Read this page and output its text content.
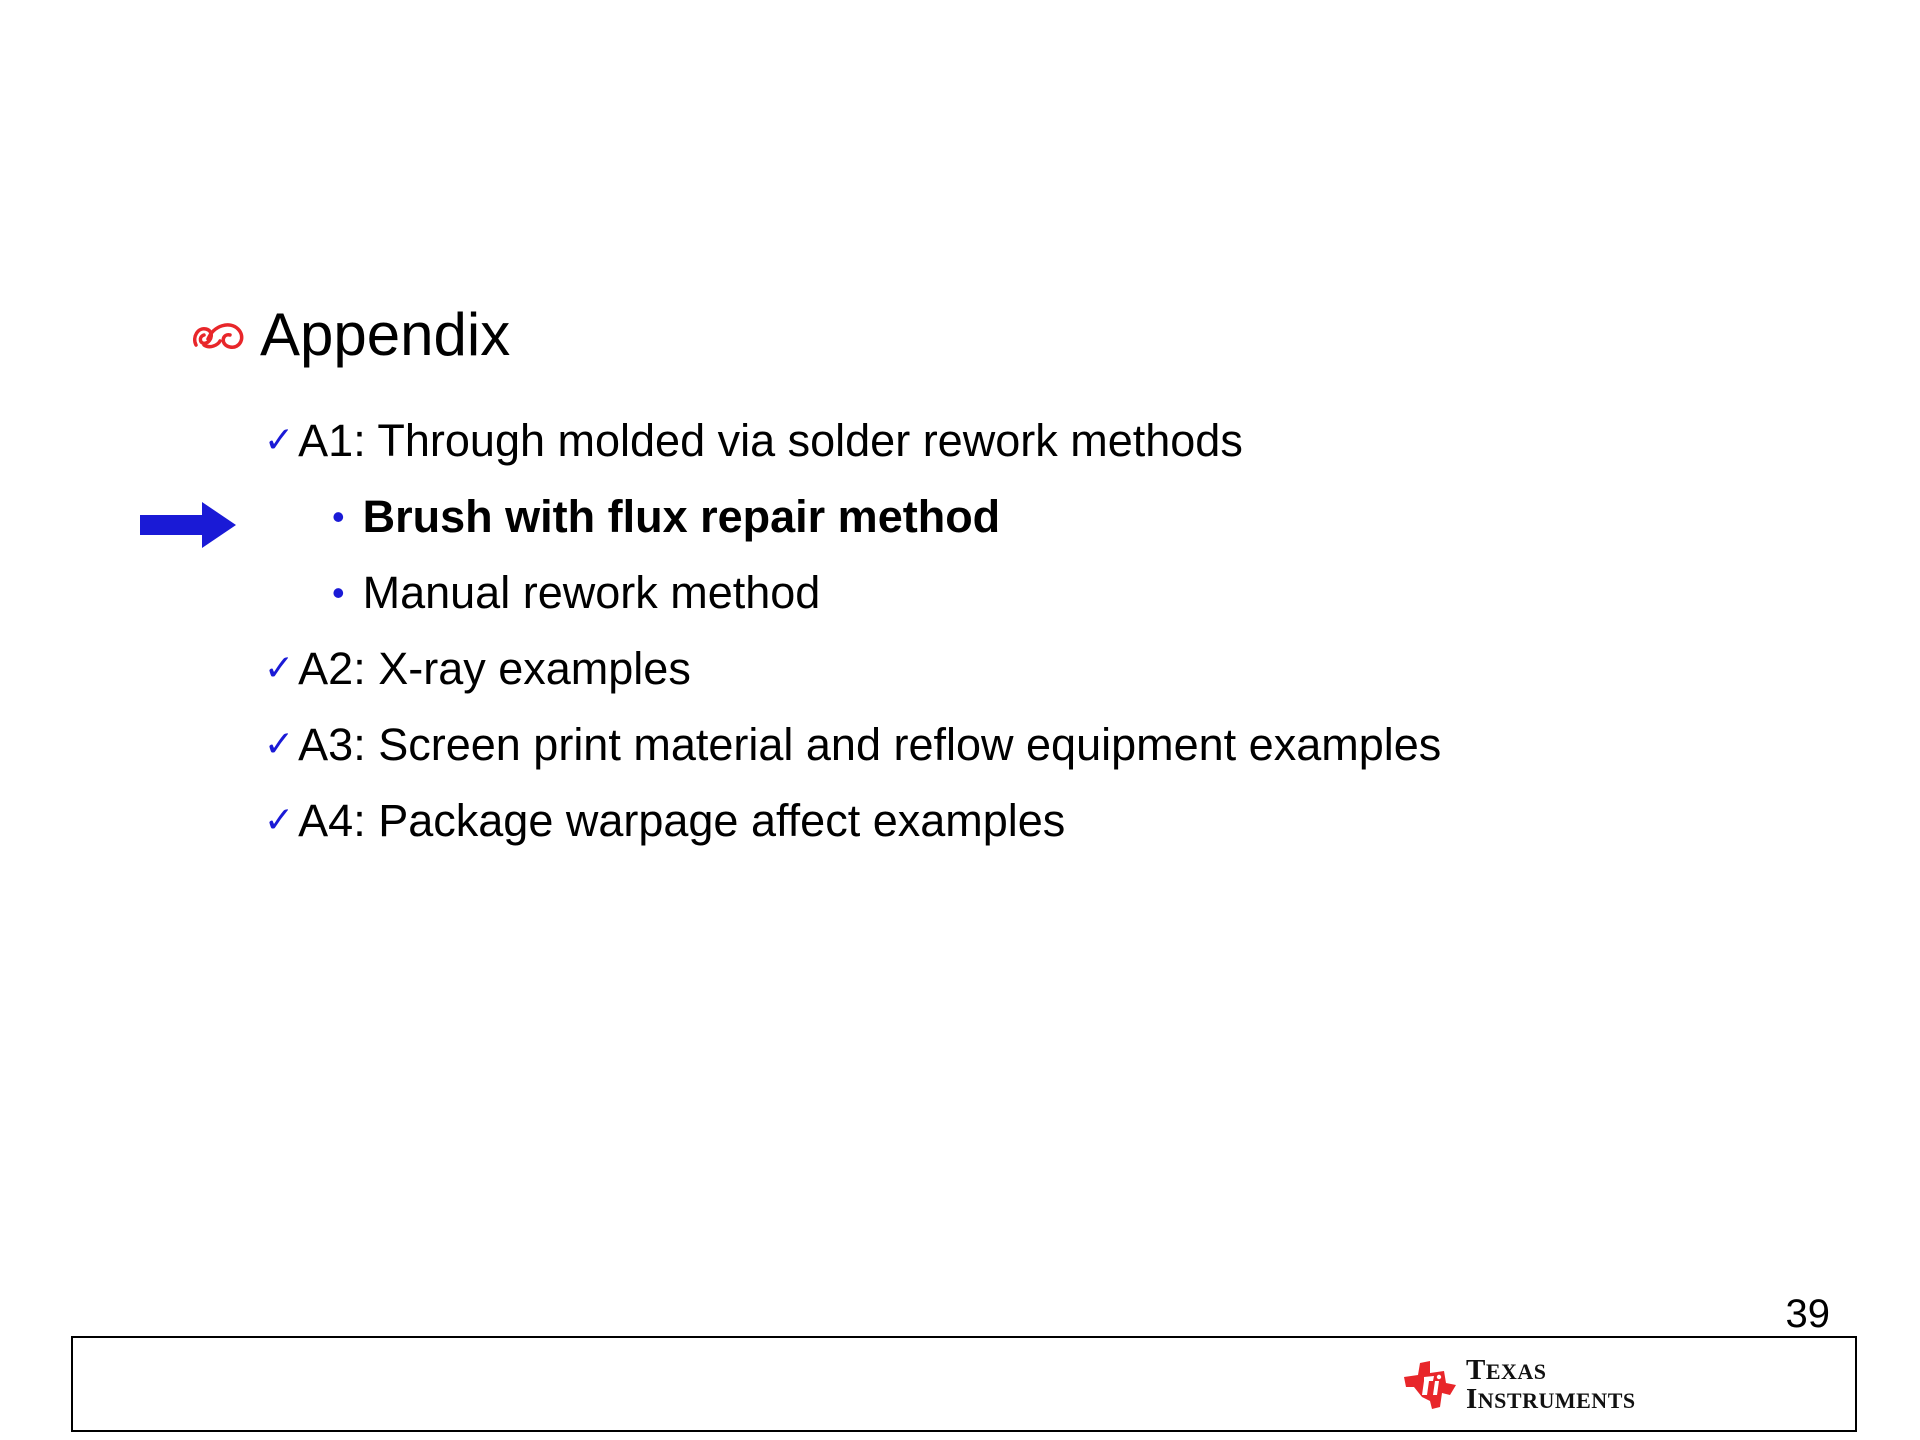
Appendix
✓ A1: Through molded via solder rework methods
• Brush with flux repair method
• Manual rework method
✓ A2: X-ray examples
✓ A3: Screen print material and reflow equipment examples
✓ A4: Package warpage affect examples
39
TEXAS
INSTRUMENTS
